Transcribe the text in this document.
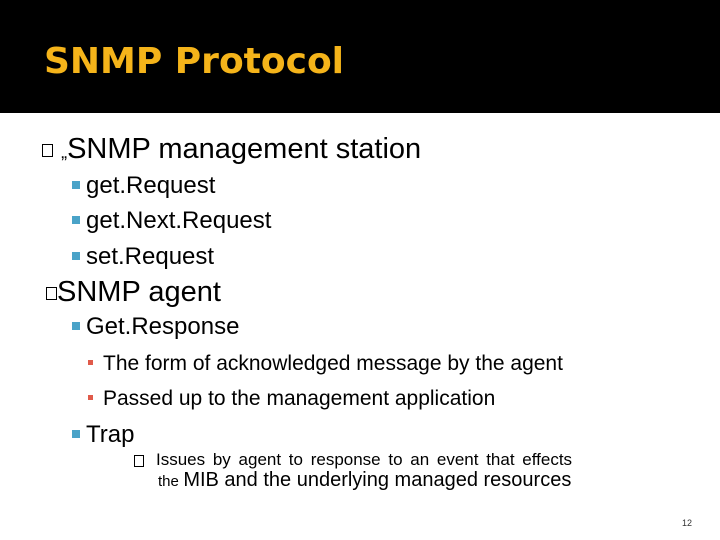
SNMP Protocol
„SNMP management station
get.Request
get.Next.Request
set.Request
SNMP agent
Get.Response
The form of acknowledged message by the agent
Passed up to the management application
Trap
Issues by agent to response to an event that effects
the MIB and the underlying managed resources
12
